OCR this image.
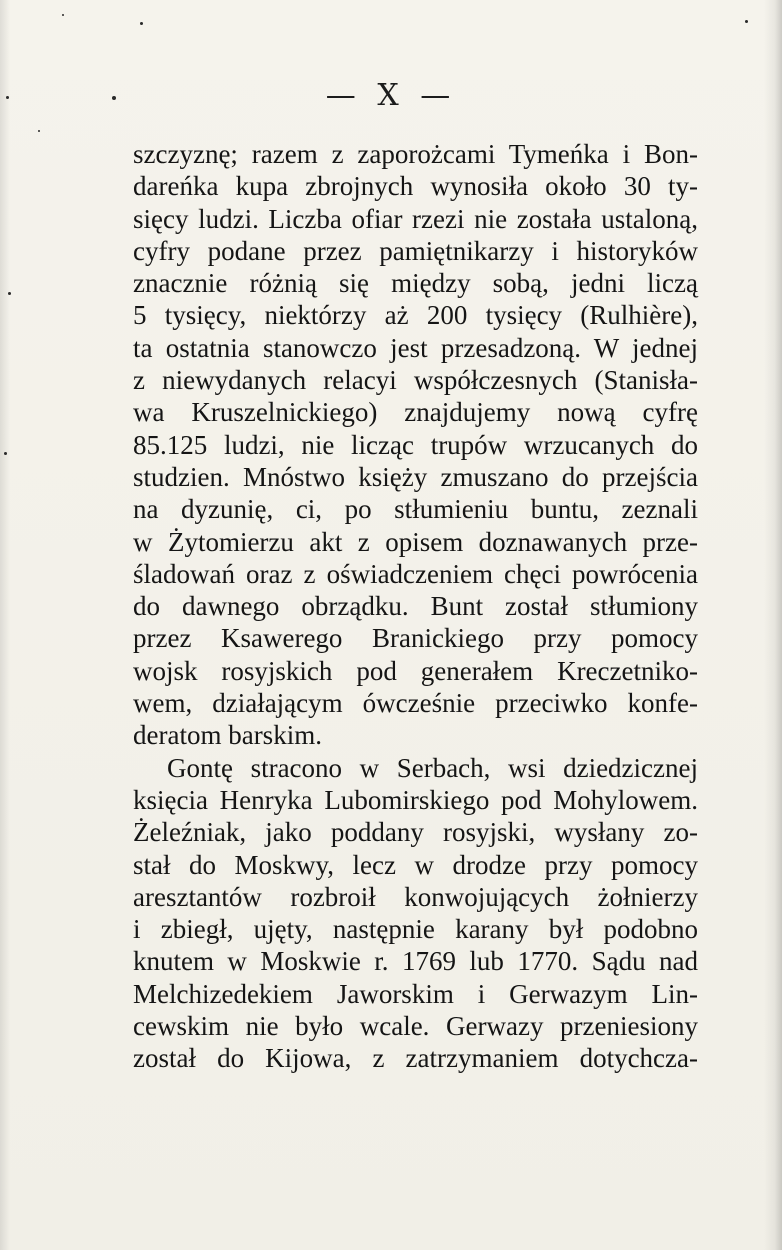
— X —
szczyznę; razem z zaporożcami Tymeńka i Bon-
dareńka kupa zbrojnych wynosiła około 30 ty-
sięcy ludzi. Liczba ofiar rzezi nie została ustaloną,
cyfry podane przez pamiętnikarzy i historyków
znacznie różnią się między sobą, jedni liczą
5 tysięcy, niektórzy aż 200 tysięcy (Rulhière),
ta ostatnia stanowczo jest przesadzoną. W jednej
z niewydanych relacyi współczesnych (Stanisła-
wa Kruszelnickiego) znajdujemy nową cyfrę
85.125 ludzi, nie licząc trupów wrzucanych do
studzien. Mnóstwo księży zmuszano do przejścia
na dyzunię, ci, po stłumieniu buntu, zeznali
w Żytomierzu akt z opisem doznawanych prze-
śladowań oraz z oświadczeniem chęci powrócenia
do dawnego obrządku. Bunt został stłumiony
przez Ksawerego Branickiego przy pomocy
wojsk rosyjskich pod generałem Kreczetniko-
wem, działającym ówcześnie przeciwko konfe-
deratom barskim.
Gontę stracono w Serbach, wsi dziedzicznej
księcia Henryka Lubomirskiego pod Mohylowem.
Żeleźniak, jako poddany rosyjski, wysłany zo-
stał do Moskwy, lecz w drodze przy pomocy
aresztantów rozbroił konwojujących żołnierzy
i zbiegł, ujęty, następnie karany był podobno
knutem w Moskwie r. 1769 lub 1770. Sądu nad
Melchizedekiem Jaworskim i Gerwazym Lin-
cewskim nie było wcale. Gerwazy przeniesiony
został do Kijowa, z zatrzymaniem dotychcza-
